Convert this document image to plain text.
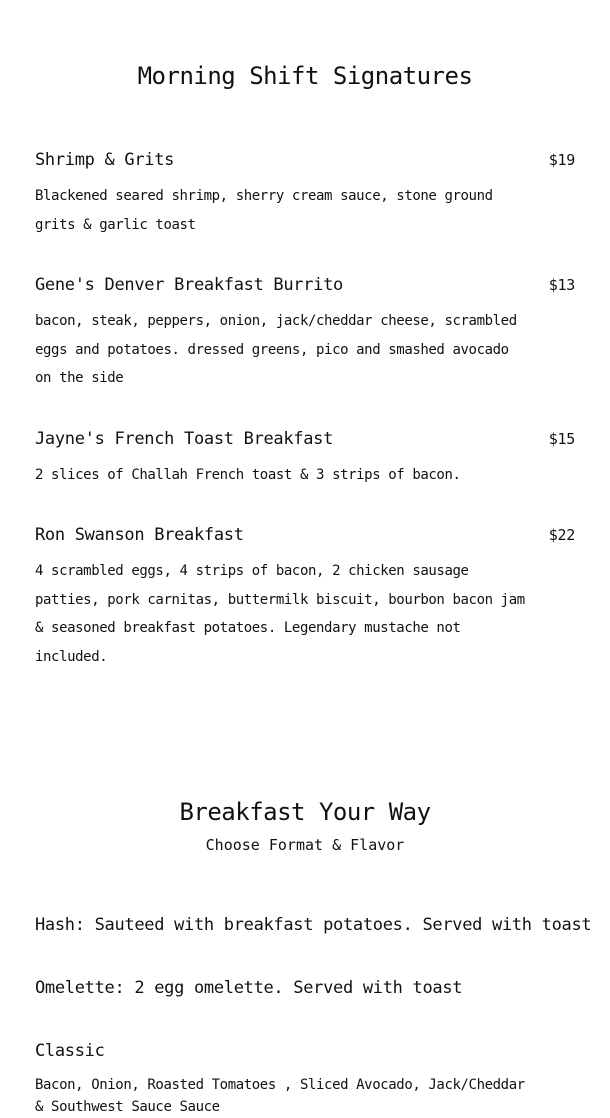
Morning Shift Signatures
Shrimp & Grits	$19
Blackened seared shrimp, sherry cream sauce, stone ground grits & garlic toast
Gene's Denver Breakfast Burrito	$13
bacon, steak, peppers, onion, jack/cheddar cheese, scrambled eggs and potatoes. dressed greens, pico and smashed avocado on the side
Jayne's French Toast Breakfast	$15
2 slices of Challah French toast & 3 strips of bacon.
Ron Swanson Breakfast	$22
4 scrambled eggs, 4 strips of bacon, 2 chicken sausage patties, pork carnitas, buttermilk biscuit, bourbon bacon jam & seasoned breakfast potatoes. Legendary mustache not included.
Breakfast Your Way
Choose Format & Flavor
Hash: Sauteed with breakfast potatoes. Served with toast
Omelette: 2 egg omelette. Served with toast
Classic
Bacon, Onion, Roasted Tomatoes , Sliced Avocado, Jack/Cheddar & Southwest Sauce Sauce
